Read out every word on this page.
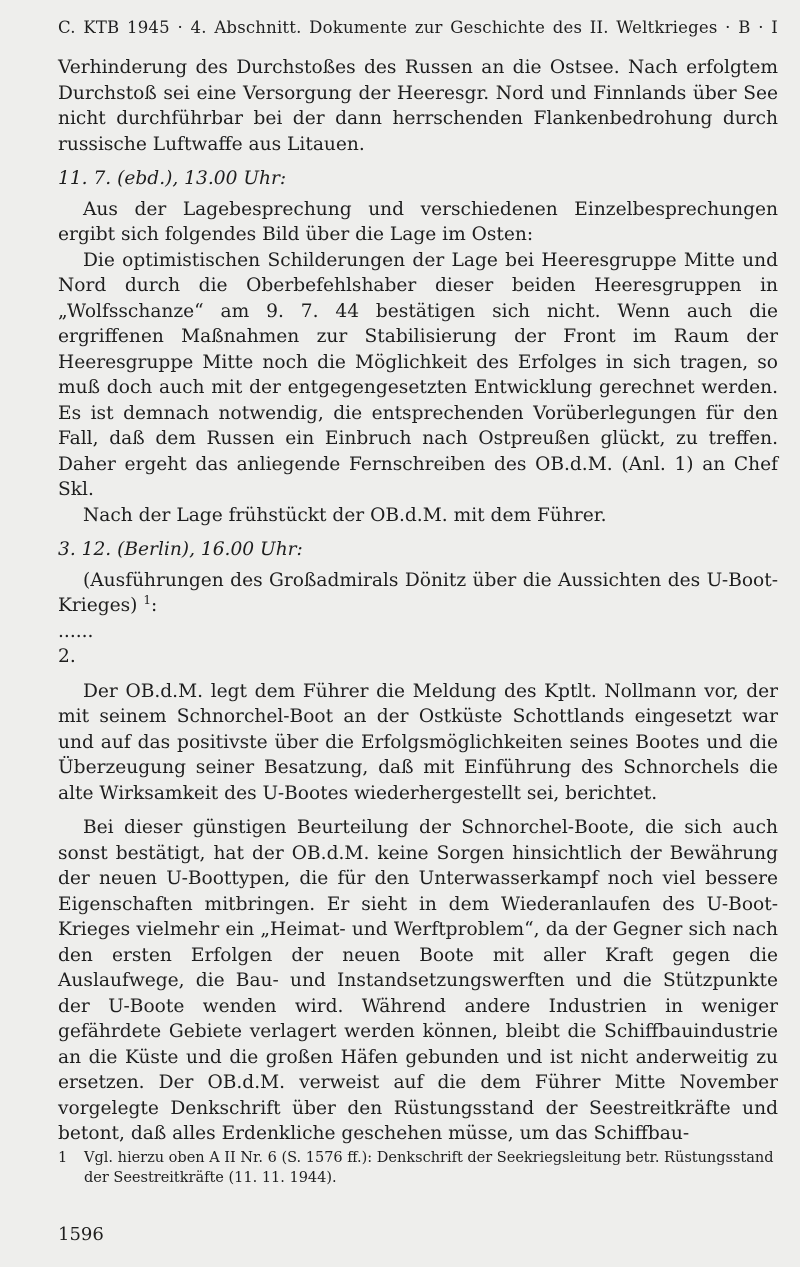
C. KTB 1945 · 4. Abschnitt. Dokumente zur Geschichte des II. Weltkrieges · B · I

Verhinderung des Durchstoßes des Russen an die Ostsee. Nach erfolgtem Durchstoß sei eine Versorgung der Heeresgr. Nord und Finnlands über See nicht durchführbar bei der dann herrschenden Flankenbedrohung durch russische Luftwaffe aus Litauen.

11. 7. (ebd.), 13.00 Uhr:

Aus der Lagebesprechung und verschiedenen Einzelbesprechungen ergibt sich folgendes Bild über die Lage im Osten:

Die optimistischen Schilderungen der Lage bei Heeresgruppe Mitte und Nord durch die Oberbefehlshaber dieser beiden Heeresgruppen in „Wolfsschanze“ am 9. 7. 44 bestätigen sich nicht. Wenn auch die ergriffenen Maßnahmen zur Stabilisierung der Front im Raum der Heeresgruppe Mitte noch die Möglichkeit des Erfolges in sich tragen, so muß doch auch mit der entgegengesetzten Entwicklung gerechnet werden. Es ist demnach notwendig, die entsprechenden Vorüberlegungen für den Fall, daß dem Russen ein Einbruch nach Ostpreußen glückt, zu treffen. Daher ergeht das anliegende Fernschreiben des OB.d.M. (Anl. 1) an Chef Skl.

Nach der Lage frühstückt der OB.d.M. mit dem Führer.

3. 12. (Berlin), 16.00 Uhr:

(Ausführungen des Großadmirals Dönitz über die Aussichten des U-Boot-Krieges) $^1$:

......

2.

Der OB.d.M. legt dem Führer die Meldung des Kptlt. Nollmann vor, der mit seinem Schnorchel-Boot an der Ostküste Schottlands eingesetzt war und auf das positivste über die Erfolgsmöglichkeiten seines Bootes und die Überzeugung seiner Besatzung, daß mit Einführung des Schnorchels die alte Wirksamkeit des U-Bootes wiederhergestellt sei, berichtet.

Bei dieser günstigen Beurteilung der Schnorchel-Boote, die sich auch sonst bestätigt, hat der OB.d.M. keine Sorgen hinsichtlich der Bewährung der neuen U-Boottypen, die für den Unterwasserkampf noch viel bessere Eigenschaften mitbringen. Er sieht in dem Wiederanlaufen des U-Boot-Krieges vielmehr ein „Heimat- und Werftproblem“, da der Gegner sich nach den ersten Erfolgen der neuen Boote mit aller Kraft gegen die Auslaufwege, die Bau- und Instandsetzungswerften und die Stützpunkte der U-Boote wenden wird. Während andere Industrien in weniger gefährdete Gebiete verlagert werden können, bleibt die Schiffbauindustrie an die Küste und die großen Häfen gebunden und ist nicht anderweitig zu ersetzen. Der OB.d.M. verweist auf die dem Führer Mitte November vorgelegte Denkschrift über den Rüstungsstand der Seestreitkräfte und betont, daß alles Erdenkliche geschehen müsse, um das Schiffbau-

1	Vgl. hierzu oben A II Nr. 6 (S. 1576 ff.): Denkschrift der Seekriegsleitung betr. Rüstungsstand der Seestreitkräfte (11. 11. 1944).
1596
